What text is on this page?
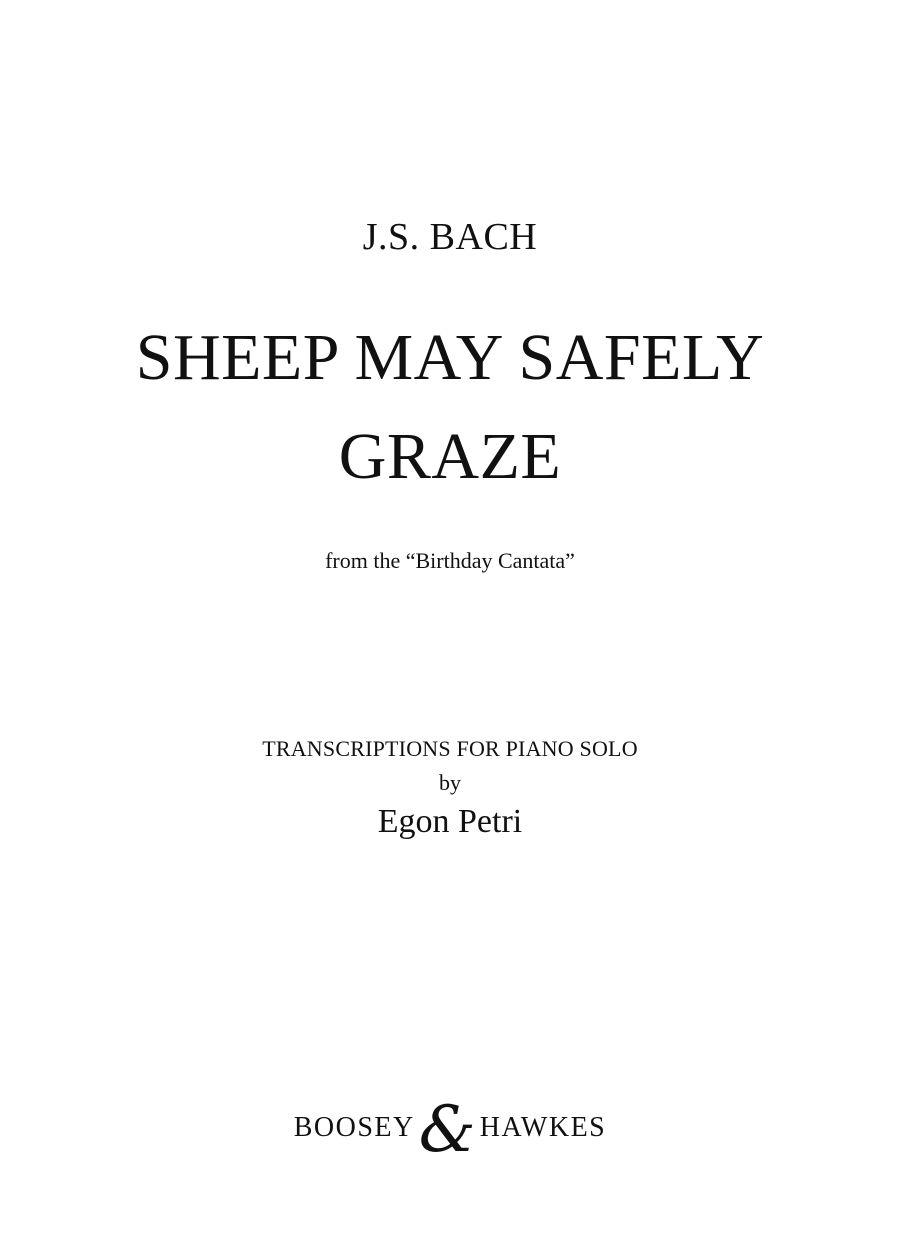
J.S. BACH
SHEEP MAY SAFELY
GRAZE
from the “Birthday Cantata”
TRANSCRIPTIONS FOR PIANO SOLO
by
Egon Petri
BOOSEY & HAWKES
